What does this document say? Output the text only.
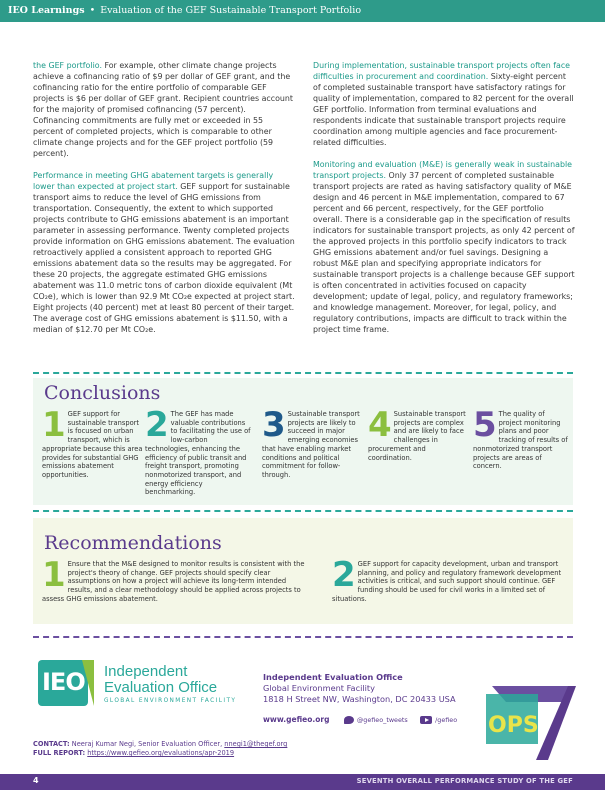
IEO Learnings • Evaluation of the GEF Sustainable Transport Portfolio

the GEF portfolio. For example, other climate change projects achieve a cofinancing ratio of $9 per dollar of GEF grant, and the cofinancing ratio for the entire portfolio of comparable GEF projects is $6 per dollar of GEF grant. Recipient countries account for the majority of promised cofinancing (57 percent). Cofinancing commitments are fully met or exceeded in 55 percent of completed projects, which is comparable to other climate change projects and for the GEF project portfolio (59 percent).

Performance in meeting GHG abatement targets is generally lower than expected at project start. GEF support for sustainable transport aims to reduce the level of GHG emissions from transportation. Consequently, the extent to which supported projects contribute to GHG emissions abatement is an important parameter in assessing performance. Twenty completed projects provide information on GHG emissions abatement. The evaluation retroactively applied a consistent approach to reported GHG emissions abatement data so the results may be aggregated. For these 20 projects, the aggregate estimated GHG emissions abatement was 11.0 metric tons of carbon dioxide equivalent (Mt CO₂e), which is lower than 92.9 Mt CO₂e expected at project start. Eight projects (40 percent) met at least 80 percent of their target. The average cost of GHG emissions abatement is $11.50, with a median of $12.70 per Mt CO₂e.

During implementation, sustainable transport projects often face difficulties in procurement and coordination. Sixty-eight percent of completed sustainable transport have satisfactory ratings for quality of implementation, compared to 82 percent for the overall GEF portfolio. Information from terminal evaluations and respondents indicate that sustainable transport projects require coordination among multiple agencies and face procurement-related difficulties.

Monitoring and evaluation (M&E) is generally weak in sustainable transport projects. Only 37 percent of completed sustainable transport projects are rated as having satisfactory quality of M&E design and 46 percent in M&E implementation, compared to 67 percent and 66 percent, respectively, for the GEF portfolio overall. There is a considerable gap in the specification of results indicators for sustainable transport projects, as only 42 percent of the approved projects in this portfolio specify indicators to track GHG emissions abatement and/or fuel savings. Designing a robust M&E plan and specifying appropriate indicators for sustainable transport projects is a challenge because GEF support is often concentrated in activities focused on capacity development; update of legal, policy, and regulatory frameworks; and knowledge management. Moreover, for legal, policy, and regulatory contributions, impacts are difficult to track within the project time frame.

Conclusions
1 GEF support for sustainable transport is focused on urban transport, which is appropriate because this area provides for substantial GHG emissions abatement opportunities.
2 The GEF has made valuable contributions to facilitating the use of low-carbon technologies, enhancing the efficiency of public transit and freight transport, promoting nonmotorized transport, and energy efficiency benchmarking.
3 Sustainable transport projects are likely to succeed in major emerging economies that have enabling market conditions and political commitment for follow-through.
4 Sustainable transport projects are complex and are likely to face challenges in procurement and coordination.
5 The quality of project monitoring plans and poor tracking of results of nonmotorized transport projects are areas of concern.
Recommendations
1 Ensure that the M&E designed to monitor results is consistent with the project's theory of change. GEF projects should specify clear assumptions on how a project will achieve its long-term intended results, and a clear methodology should be applied across projects to assess GHG emissions abatement.
2 GEF support for capacity development, urban and transport planning, and policy and regulatory framework development activities is critical, and such support should continue. GEF funding should be used for civil works in a limited set of situations.
IEO Independent
Evaluation Office
GLOBAL ENVIRONMENT FACILITY
Independent Evaluation Office
Global Environment Facility
1818 H Street NW, Washington, DC 20433 USA
www.gefieo.org	@gefieo_tweets	/gefieo
CONTACT: Neeraj Kumar Negi, Senior Evaluation Officer, nnegi1@thegef.org
FULL REPORT: https://www.gefieo.org/evaluations/apr-2019
OPS 7
4	SEVENTH OVERALL PERFORMANCE STUDY OF THE GEF
